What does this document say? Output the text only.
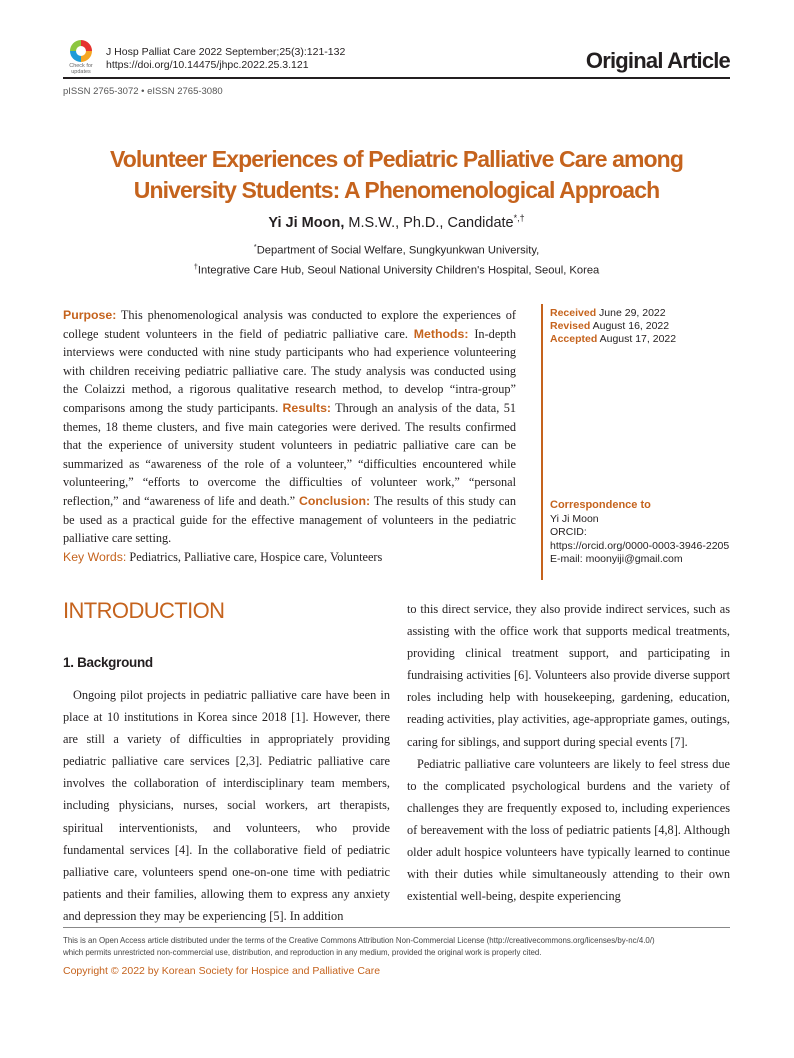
Check for
updates
J Hosp Palliat Care 2022 September;25(3):121-132
https://doi.org/10.14475/jhpc.2022.25.3.121	Original Article
pISSN 2765-3072 • eISSN 2765-3080
Volunteer Experiences of Pediatric Palliative Care among
University Students: A Phenomenological Approach
Yi Ji Moon, M.S.W., Ph.D., Candidate*,†
*Department of Social Welfare, Sungkyunkwan University,
†Integrative Care Hub, Seoul National University Children's Hospital, Seoul, Korea
Purpose: This phenomenological analysis was conducted to explore the experiences of college student volunteers in the field of pediatric palliative care. Methods: In-depth interviews were conducted with nine study participants who had experience volunteering with children receiving pediatric palliative care. The study analysis was conducted using the Colaizzi method, a rigorous qualitative research method, to develop “intra-group” comparisons among the study participants. Results: Through an analysis of the data, 51 themes, 18 theme clusters, and five main categories were derived. The results confirmed that the experience of university student volunteers in pediatric palliative care can be summarized as “awareness of the role of a volunteer,” “difficulties encountered while volunteering,” “efforts to overcome the difficulties of volunteer work,” “personal reflection,” and “awareness of life and death.” Conclusion: The results of this study can be used as a practical guide for the effective management of volunteers in the pediatric palliative care setting.
Key Words: Pediatrics, Palliative care, Hospice care, Volunteers
Received June 29, 2022
Revised August 16, 2022
Accepted August 17, 2022
Correspondence to
Yi Ji Moon
ORCID:
https://orcid.org/0000-0003-3946-2205
E-mail: moonyiji@gmail.com
INTRODUCTION
1. Background
Ongoing pilot projects in pediatric palliative care have been in place at 10 institutions in Korea since 2018 [1]. However, there are still a variety of difficulties in appropriately providing pediatric palliative care services [2,3]. Pediatric palliative care involves the collaboration of interdisciplinary team members, including physicians, nurses, social workers, art therapists, spiritual interventionists, and volunteers, who provide fundamental services [4]. In the collaborative field of pediatric palliative care, volunteers spend one-on-one time with pediatric patients and their families, allowing them to express any anxiety and depression they may be experiencing [5]. In addition
to this direct service, they also provide indirect services, such as assisting with the office work that supports medical treatments, providing clinical treatment support, and participating in fundraising activities [6]. Volunteers also provide diverse support roles including help with housekeeping, gardening, education, reading activities, play activities, age-appropriate games, outings, caring for siblings, and support during special events [7].
Pediatric palliative care volunteers are likely to feel stress due to the complicated psychological burdens and the variety of challenges they are frequently exposed to, including experiences of bereavement with the loss of pediatric patients [4,8]. Although older adult hospice volunteers have typically learned to continue with their duties while simultaneously attending to their own existential well-being, despite experiencing
This is an Open Access article distributed under the terms of the Creative Commons Attribution Non-Commercial License (http://creativecommons.org/licenses/by-nc/4.0/)
which permits unrestricted non-commercial use, distribution, and reproduction in any medium, provided the original work is properly cited.
Copyright © 2022 by Korean Society for Hospice and Palliative Care
